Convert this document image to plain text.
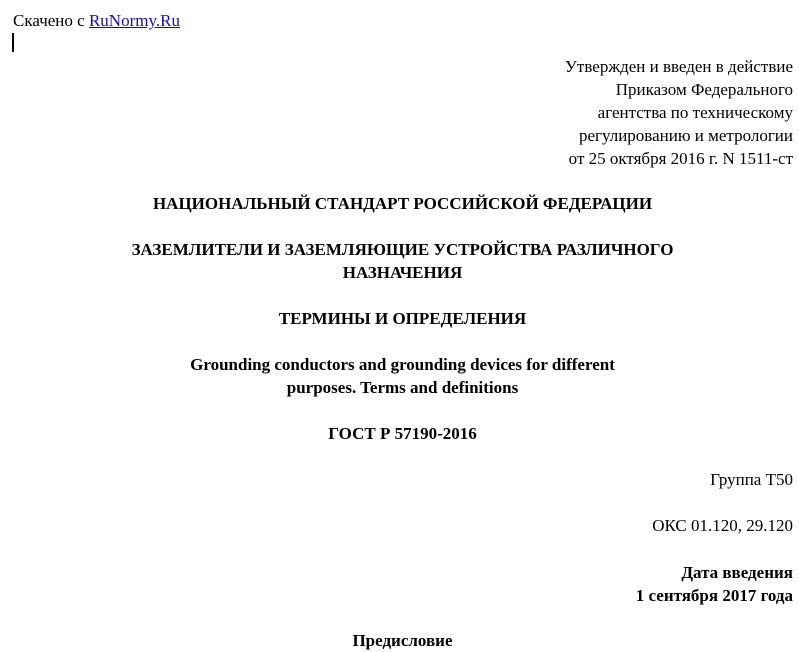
Скачено с RuNormy.Ru
Утвержден и введен в действие
Приказом Федерального
агентства по техническому
регулированию и метрологии
от 25 октября 2016 г. N 1511-ст
НАЦИОНАЛЬНЫЙ СТАНДАРТ РОССИЙСКОЙ ФЕДЕРАЦИИ
ЗАЗЕМЛИТЕЛИ И ЗАЗЕМЛЯЮЩИЕ УСТРОЙСТВА РАЗЛИЧНОГО
НАЗНАЧЕНИЯ
ТЕРМИНЫ И ОПРЕДЕЛЕНИЯ
Grounding conductors and grounding devices for different
purposes. Terms and definitions
ГОСТ Р 57190-2016
Группа Т50
ОКС 01.120, 29.120
Дата введения
1 сентября 2017 года
Предисловие
